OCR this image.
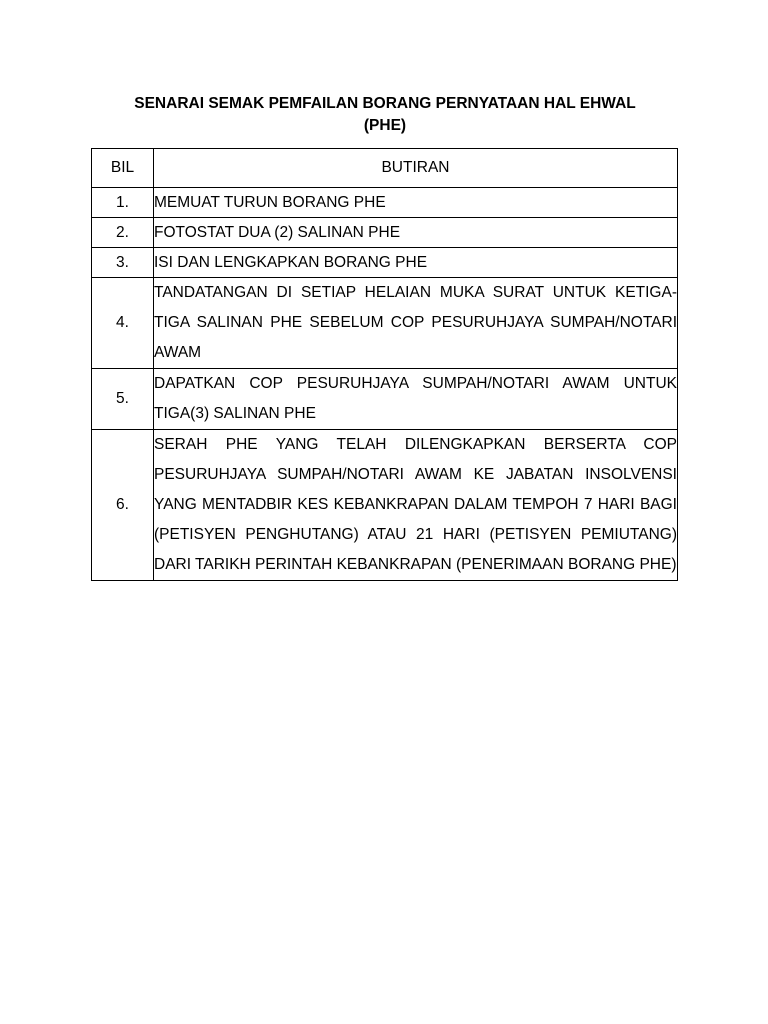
SENARAI SEMAK PEMFAILAN BORANG PERNYATAAN HAL EHWAL
(PHE)
BIL	BUTIRAN
1.	MEMUAT TURUN BORANG PHE
2.	FOTOSTAT DUA (2) SALINAN PHE
3.	ISI DAN LENGKAPKAN BORANG PHE
4.	TANDATANGAN DI SETIAP HELAIAN MUKA SURAT UNTUK KETIGA-TIGA SALINAN PHE SEBELUM COP PESURUHJAYA SUMPAH/NOTARI AWAM
5.	DAPATKAN COP PESURUHJAYA SUMPAH/NOTARI AWAM UNTUK TIGA(3) SALINAN PHE
6.	SERAH PHE YANG TELAH DILENGKAPKAN BERSERTA COP PESURUHJAYA SUMPAH/NOTARI AWAM KE JABATAN INSOLVENSI YANG MENTADBIR KES KEBANKRAPAN DALAM TEMPOH 7 HARI BAGI (PETISYEN PENGHUTANG) ATAU 21 HARI (PETISYEN PEMIUTANG) DARI TARIKH PERINTAH KEBANKRAPAN (PENERIMAAN BORANG PHE)
